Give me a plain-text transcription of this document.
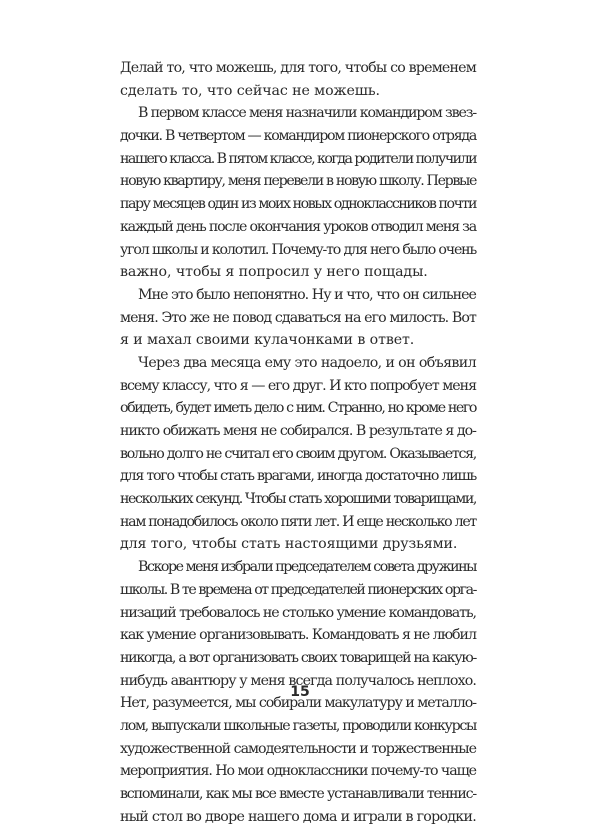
Делай то, что можешь, для того, чтобы со временем
сделать то, что сейчас не можешь.
В первом классе меня назначили командиром звез-
дочки. В четвертом — командиром пионерского отряда
нашего класса. В пятом классе, когда родители получили
новую квартиру, меня перевели в новую школу. Первые
пару месяцев один из моих новых одноклассников почти
каждый день после окончания уроков отводил меня за
угол школы и колотил. Почему-то для него было очень
важно, чтобы я попросил у него пощады.
Мне это было непонятно. Ну и что, что он сильнее
меня. Это же не повод сдаваться на его милость. Вот
я и махал своими кулачонками в ответ.
Через два месяца ему это надоело, и он объявил
всему классу, что я — его друг. И кто попробует меня
обидеть, будет иметь дело с ним. Странно, но кроме него
никто обижать меня не собирался. В результате я до-
вольно долго не считал его своим другом. Оказывается,
для того чтобы стать врагами, иногда достаточно лишь
нескольких секунд. Чтобы стать хорошими товарищами,
нам понадобилось около пяти лет. И еще несколько лет
для того, чтобы стать настоящими друзьями.
Вскоре меня избрали председателем совета дружины
школы. В те времена от председателей пионерских орга-
низаций требовалось не столько умение командовать,
как умение организовывать. Командовать я не любил
никогда, а вот организовать своих товарищей на какую-
нибудь авантюру у меня всегда получалось неплохо.
Нет, разумеется, мы собирали макулатуру и металло-
лом, выпускали школьные газеты, проводили конкурсы
художественной самодеятельности и торжественные
мероприятия. Но мои одноклассники почему-то чаще
вспоминали, как мы все вместе устанавливали теннис-
ный стол во дворе нашего дома и играли в городки.
15
